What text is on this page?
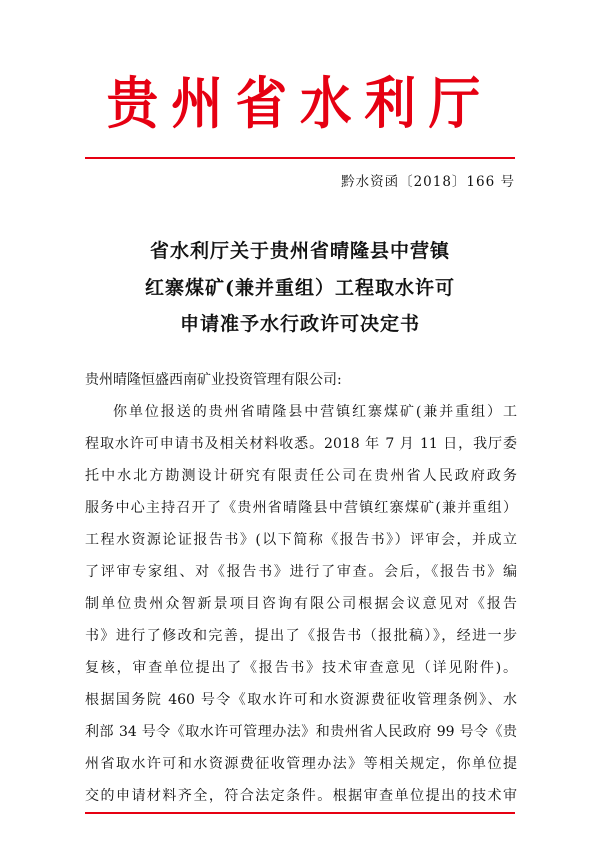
贵州省水利厅
黔水资函〔2018〕166 号
省水利厅关于贵州省晴隆县中营镇
红寨煤矿(兼并重组）工程取水许可
申请准予水行政许可决定书
贵州晴隆恒盛西南矿业投资管理有限公司:
你单位报送的贵州省晴隆县中营镇红寨煤矿(兼并重组）工
程取水许可申请书及相关材料收悉。2018 年 7 月 11 日，我厅委
托中水北方勘测设计研究有限责任公司在贵州省人民政府政务
服务中心主持召开了《贵州省晴隆县中营镇红寨煤矿(兼并重组）
工程水资源论证报告书》(以下简称《报告书》）评审会，并成立
了评审专家组、对《报告书》进行了审查。会后，《报告书》编
制单位贵州众智新景项目咨询有限公司根据会议意见对《报告
书》进行了修改和完善，提出了《报告书（报批稿）》，经进一步
复核，审查单位提出了《报告书》技术审查意见（详见附件)。
根据国务院 460 号令《取水许可和水资源费征收管理条例》、水
利部 34 号令《取水许可管理办法》和贵州省人民政府 99 号令《贵
州省取水许可和水资源费征收管理办法》等相关规定，你单位提
交的申请材料齐全，符合法定条件。根据审查单位提出的技术审
